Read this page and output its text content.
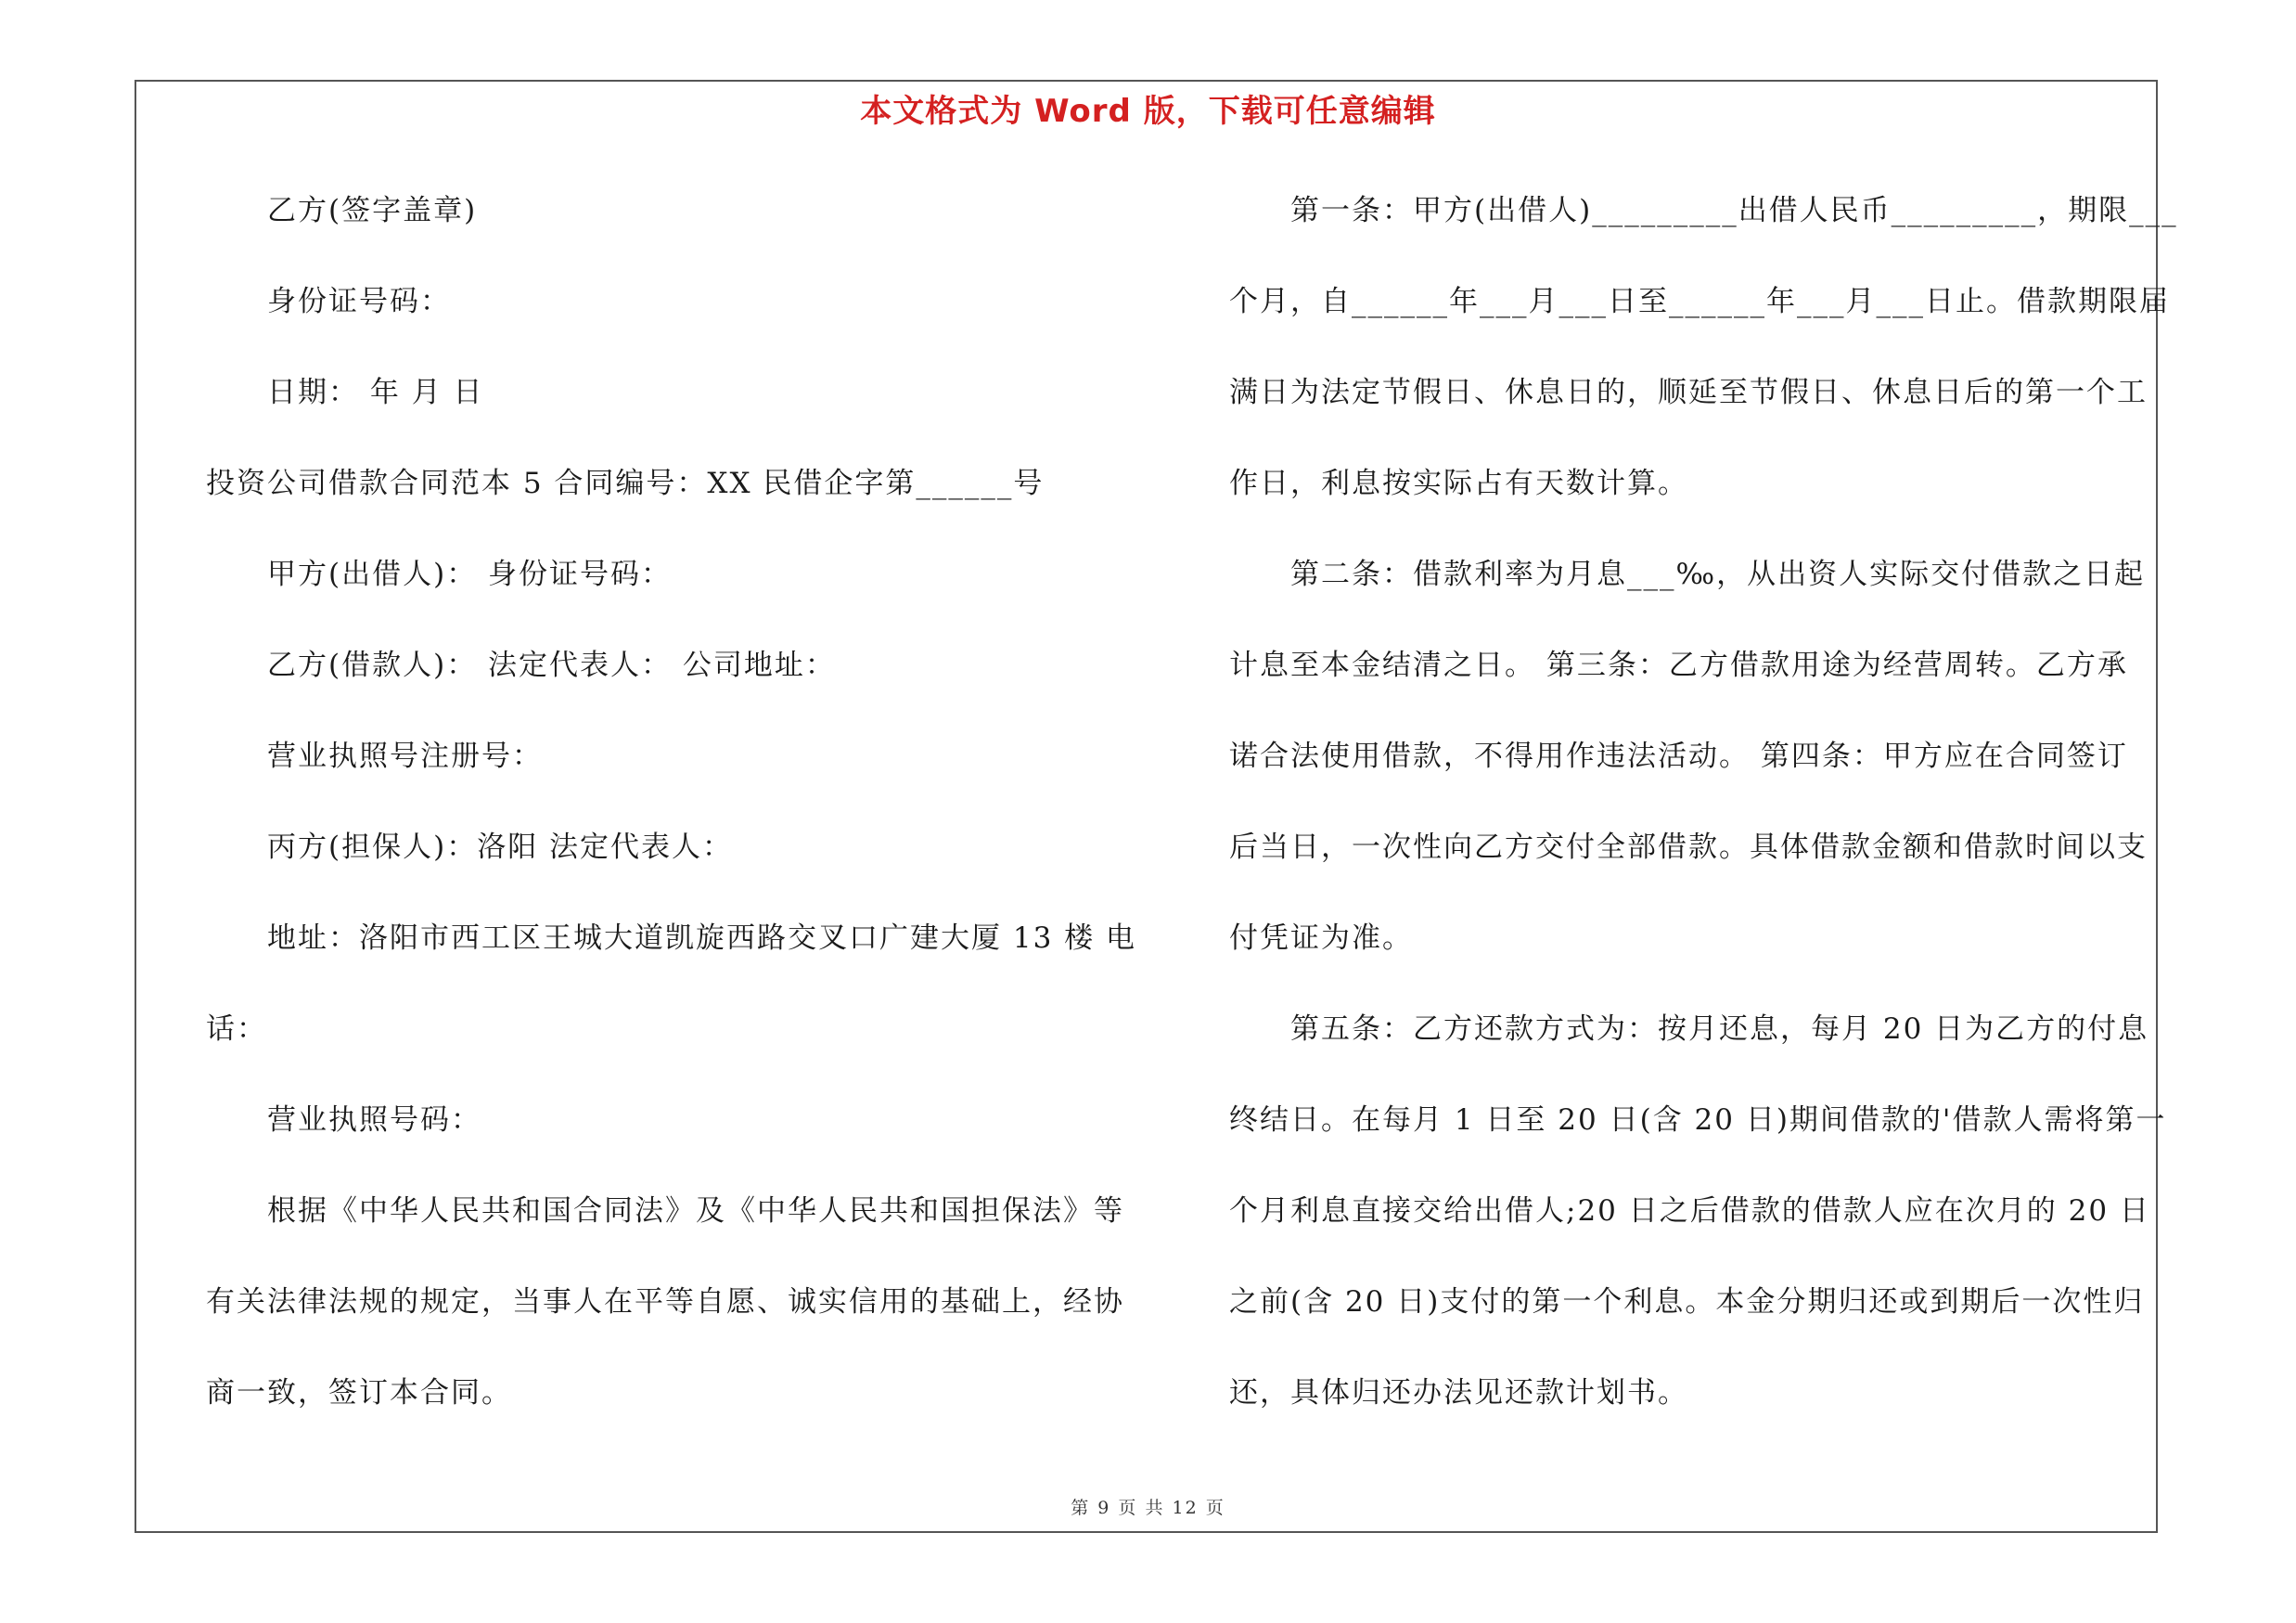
本文格式为 Word 版，下载可任意编辑
乙方(签字盖章)
身份证号码：
日期： 年 月 日
投资公司借款合同范本 5 合同编号：XX 民借企字第______号
甲方(出借人)： 身份证号码：
乙方(借款人)： 法定代表人： 公司地址：
营业执照号注册号：
丙方(担保人)：洛阳 法定代表人：
地址：洛阳市西工区王城大道凯旋西路交叉口广建大厦 13 楼 电
话：
营业执照号码：
根据《中华人民共和国合同法》及《中华人民共和国担保法》等
有关法律法规的规定，当事人在平等自愿、诚实信用的基础上，经协
商一致，签订本合同。
第一条：甲方(出借人)_________出借人民币_________，期限___
个月，自______年___月___日至______年___月___日止。借款期限届
满日为法定节假日、休息日的，顺延至节假日、休息日后的第一个工
作日，利息按实际占有天数计算。
第二条：借款利率为月息___‰，从出资人实际交付借款之日起
计息至本金结清之日。 第三条：乙方借款用途为经营周转。乙方承
诺合法使用借款，不得用作违法活动。 第四条：甲方应在合同签订
后当日，一次性向乙方交付全部借款。具体借款金额和借款时间以支
付凭证为准。
第五条：乙方还款方式为：按月还息，每月 20 日为乙方的付息
终结日。在每月 1 日至 20 日(含 20 日)期间借款的'借款人需将第一
个月利息直接交给出借人;20 日之后借款的借款人应在次月的 20 日
之前(含 20 日)支付的第一个利息。本金分期归还或到期后一次性归
还，具体归还办法见还款计划书。
第 9 页 共 12 页
